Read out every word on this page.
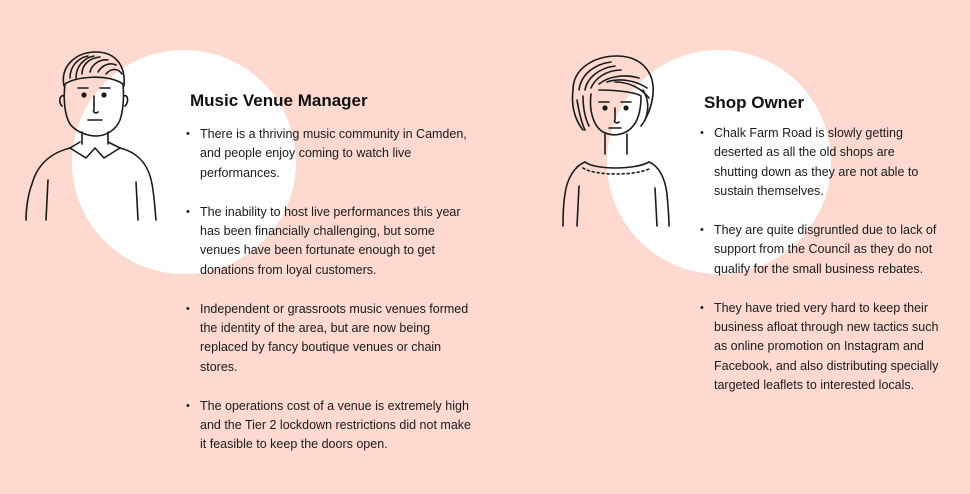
Music Venue Manager
• There is a thriving music community in Camden, and people enjoy coming to watch live performances.
• The inability to host live performances this year has been financially challenging, but some venues have been fortunate enough to get donations from loyal customers.
• Independent or grassroots music venues formed the identity of the area, but are now being replaced by fancy boutique venues or chain stores.
• The operations cost of a venue is extremely high and the Tier 2 lockdown restrictions did not make it feasible to keep the doors open.
Shop Owner
• Chalk Farm Road is slowly getting deserted as all the old shops are shutting down as they are not able to sustain themselves.
• They are quite disgruntled due to lack of support from the Council as they do not qualify for the small business rebates.
• They have tried very hard to keep their business afloat through new tactics such as online promotion on Instagram and Facebook, and also distributing specially targeted leaflets to interested locals.
